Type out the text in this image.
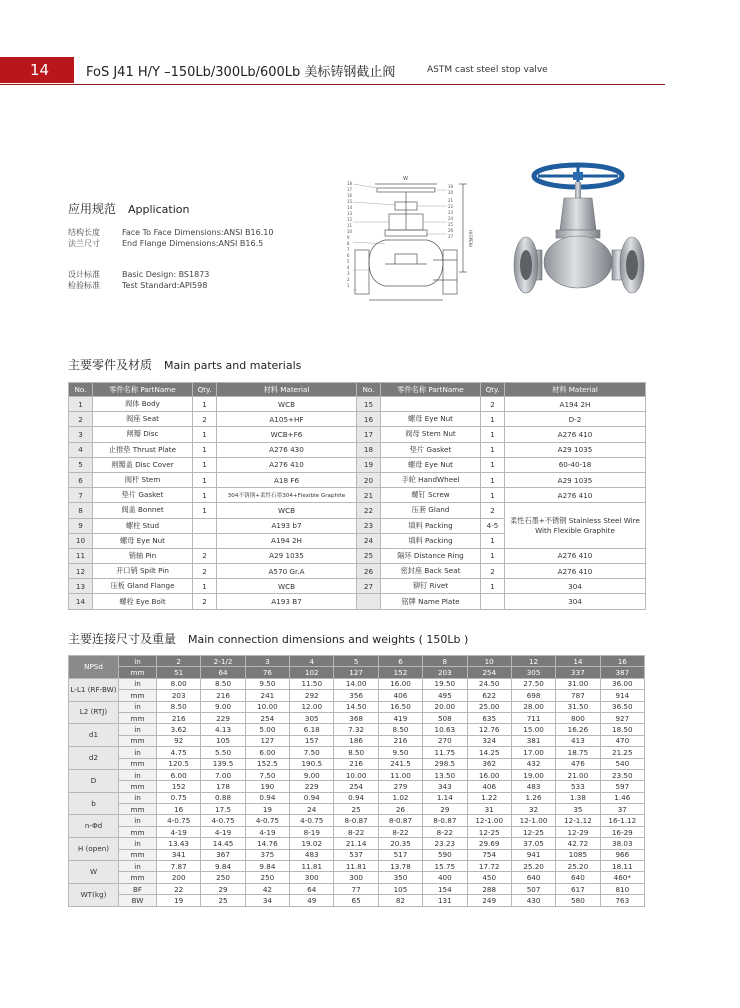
14	FoS J41 H/Y –150Lb/300Lb/600Lb 美标铸钢截止阀	ASTM cast steel stop valve
应用规范 Application
结构长度	Face To Face Dimensions:ANSI B16.10
法兰尺寸	End Flange Dimensions:ANSI B16.5
设计标准	Basic Design: BS1873
检验标准	Test Standard:API598
W
H(OPEN)
18
17
16
15
14
13
12
11
10
9
8
7
6
5
4
3
2
1
19
20
21
22
23
24
25
26
27
主要零件及材质 Main parts and materials
No.	零件名称 PartName	Qty.	材料 Material	No.	零件名称 PartName	Qty.	材料 Material
1	阀体 Body	1	WCB	15		2	A194 2H
2	阀座 Seat	2	A105+HF	16	螺母 Eye Nut	1	D-2
3	闸瓣 Disc	1	WCB+F6	17	阀母 Stem Nut	1	A276 410
4	止推垫 Thrust Plate	1	A276 430	18	垫片 Gasket	1	A29 1035
5	闸瓣盖 Disc Cover	1	A276 410	19	螺母 Eye Nut	1	60-40-18
6	阀杆 Stem	1	A18 F6	20	手轮 HandWheel	1	A29 1035
7	垫片 Gasket	1	304不锈钢+柔性石墨304+Flexible Graphite	21	螺钉 Screw	1	A276 410
8	阀盖 Bonnet	1	WCB	22	压套 Gland	2	柔性石墨+不锈钢 Stainless Steel Wire With Flexible Graphite
9	螺柱 Stud		A193 b7	23	填料 Packing	4-5	
10	螺母 Eye Nut		A194 2H	24	填料 Packing	1	
11	销轴 Pin	2	A29 1035	25	隔环 Distance Ring	1	A276 410
12	开口销 Spilt Pin	2	A570 Gr.A	26	密封座 Back Seat	2	A276 410
13	压板 Gland Flange	1	WCB	27	铆钉 Rivet	1	304
14	螺栓 Eye Bolt	2	A193 B7		铭牌 Name Plate		304
主要连接尺寸及重量 Main connection dimensions and weights ( 150Lb )
NPSd	in	2	2-1/2	3	4	5	6	8	10	12	14	16
	mm	51	64	76	102	127	152	203	254	305	337	387
L-L1 (RF-BW)	in	8.00	8.50	9.50	11.50	14.00	16.00	19.50	24.50	27.50	31.00	36.00
	mm	203	216	241	292	356	406	495	622	698	787	914
L2 (RTJ)	in	8.50	9.00	10.00	12.00	14.50	16.50	20.00	25.00	28.00	31.50	36.50
	mm	216	229	254	305	368	419	508	635	711	800	927
d1	in	3.62	4.13	5.00	6.18	7.32	8.50	10.63	12.76	15.00	16.26	18.50
	mm	92	105	127	157	186	216	270	324	381	413	470
d2	in	4.75	5.50	6.00	7.50	8.50	9.50	11.75	14.25	17.00	18.75	21.25
	mm	120.5	139.5	152.5	190.5	216	241.5	298.5	362	432	476	540
D	in	6.00	7.00	7.50	9.00	10.00	11.00	13.50	16.00	19.00	21.00	23.50
	mm	152	178	190	229	254	279	343	406	483	533	597
b	in	0.75	0.88	0.94	0.94	0.94	1.02	1.14	1.22	1.26	1.38	1.46
	mm	16	17.5	19	24	25	26	29	31	32	35	37
n-Φd	in	4-0.75	4-0.75	4-0.75	4-0.75	8-0.87	8-0.87	8-0.87	12-1.00	12-1.00	12-1.12	16-1.12
	mm	4-19	4-19	4-19	8-19	8-22	8-22	8-22	12-25	12-25	12-29	16-29
H (open)	in	13.43	14.45	14.76	19.02	21.14	20.35	23.23	29.69	37.05	42.72	38.03
	mm	341	367	375	483	537	517	590	754	941	1085	966
W	in	7.87	9.84	9.84	11.81	11.81	13.78	15.75	17.72	25.20	25.20	18.11
	mm	200	250	250	300	300	350	400	450	640	640	460*
WT(kg)	BF	22	29	42	64	77	105	154	288	507	617	810
	BW	19	25	34	49	65	82	131	249	430	580	763
